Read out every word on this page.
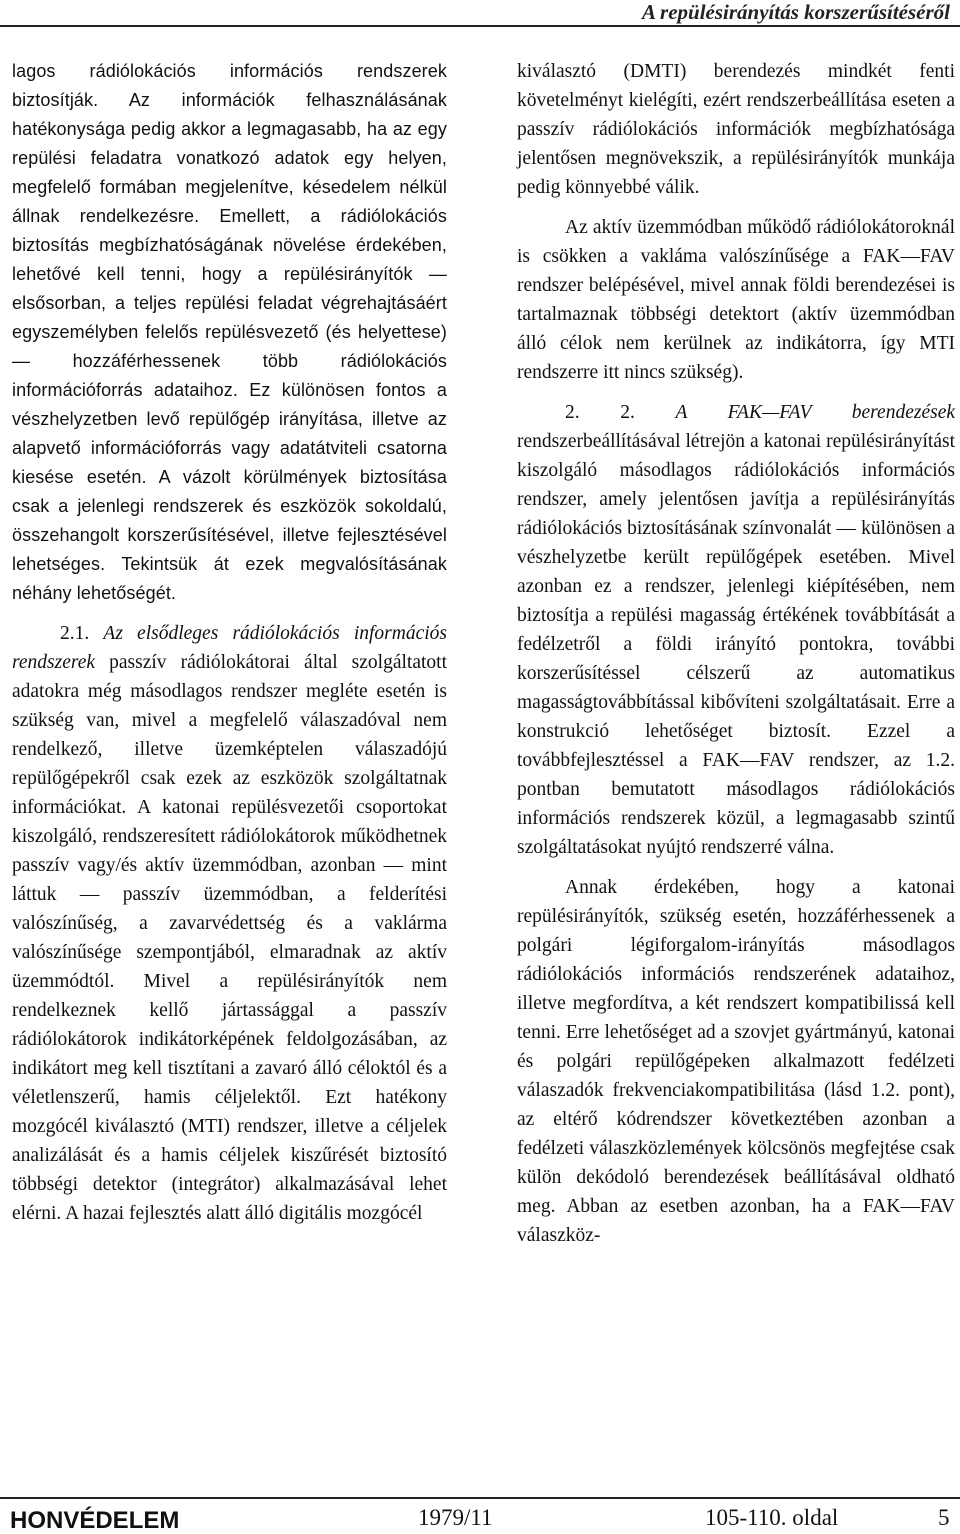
A repülésirányítás korszerűsítéséről

lagos rádiólokációs információs rendszerek biztosítják. Az információk felhasználásának hatékonysága pedig akkor a legmagasabb, ha az egy repülési feladatra vonatkozó adatok egy helyen, megfelelő formában megjelenítve, késedelem nélkül állnak rendelkezésre. Emellett, a rádiólokációs biztosítás megbízhatóságának növelése érdekében, lehetővé kell tenni, hogy a repülésirányítók — elsősorban, a teljes repülési feladat végrehajtásáért egyszemélyben felelős repülésvezető (és helyettese) — hozzáférhessenek több rádiólokációs információforrás adataihoz. Ez különösen fontos a vészhelyzetben levő repülőgép irányítása, illetve az alapvető információforrás vagy adatátviteli csatorna kiesése esetén. A vázolt körülmények biztosítása csak a jelenlegi rendszerek és eszközök sokoldalú, összehangolt korszerűsítésével, illetve fejlesztésével lehetséges. Tekintsük át ezek megvalósításának néhány lehetőségét.

2.1. Az elsődleges rádiólokációs információs rendszerek passzív rádiólokátorai által szolgáltatott adatokra még másodlagos rendszer megléte esetén is szükség van, mivel a megfelelő válaszadóval nem rendelkező, illetve üzemképtelen válaszadójú repülőgépekről csak ezek az eszközök szolgáltatnak információkat. A katonai repülésvezetői csoportokat kiszolgáló, rendszeresített rádiólokátorok működhetnek passzív vagy/és aktív üzemmódban, azonban — mint láttuk — passzív üzemmódban, a felderítési valószínűség, a zavarvédettség és a vaklárma valószínűsége szempontjából, elmaradnak az aktív üzemmódtól. Mivel a repülésirányítók nem rendelkeznek kellő jártassággal a passzív rádiólokátorok indikátorképének feldolgozásában, az indikátort meg kell tisztítani a zavaró álló céloktól és a véletlenszerű, hamis céljelektől. Ezt hatékony mozgócél kiválasztó (MTI) rendszer, illetve a céljelek analizálását és a hamis céljelek kiszűrését biztosító többségi detektor (integrátor) alkalmazásával lehet elérni. A hazai fejlesztés alatt álló digitális mozgócél

kiválasztó (DMTI) berendezés mindkét fenti követelményt kielégíti, ezért rendszerbeállítása eseten a passzív rádiólokációs információk megbízhatósága jelentősen megnövekszik, a repülésirányítók munkája pedig könnyebbé válik.

Az aktív üzemmódban működő rádiólokátoroknál is csökken a vakláma valószínűsége a FAK—FAV rendszer belépésével, mivel annak földi berendezései is tartalmaznak többségi detektort (aktív üzemmódban álló célok nem kerülnek az indikátorra, így MTI rendszerre itt nincs szükség).

2. 2. A FAK—FAV berendezések rendszerbeállításával létrejön a katonai repülésirányítást kiszolgáló másodlagos rádiólokációs információs rendszer, amely jelentősen javítja a repülésirányítás rádiólokációs biztosításának színvonalát — különösen a vészhelyzetbe került repülőgépek esetében. Mivel azonban ez a rendszer, jelenlegi kiépítésében, nem biztosítja a repülési magasság értékének továbbítását a fedélzetről a földi irányító pontokra, további korszerűsítéssel célszerű az automatikus magasságtovábbítással kibővíteni szolgáltatásait. Erre a konstrukció lehetőséget biztosít. Ezzel a továbbfejlesztéssel a FAK—FAV rendszer, az 1.2. pontban bemutatott másodlagos rádiólokációs információs rendszerek közül, a legmagasabb szintű szolgáltatásokat nyújtó rendszerré válna.

Annak érdekében, hogy a katonai repülésirányítók, szükség esetén, hozzáférhessenek a polgári légiforgalom-irányítás másodlagos rádiólokációs információs rendszerének adataihoz, illetve megfordítva, a két rendszert kompatibilissá kell tenni. Erre lehetőséget ad a szovjet gyártmányú, katonai és polgári repülőgépeken alkalmazott fedélzeti válaszadók frekvenciakompatibilitása (lásd 1.2. pont), az eltérő kódrendszer következtében azonban a fedélzeti válaszközlemények kölcsönös megfejtése csak külön dekódoló berendezések beállításával oldható meg. Abban az esetben azonban, ha a FAK—FAV válaszköz-

HONVÉDELEM	1979/11	105-110. oldal	5
